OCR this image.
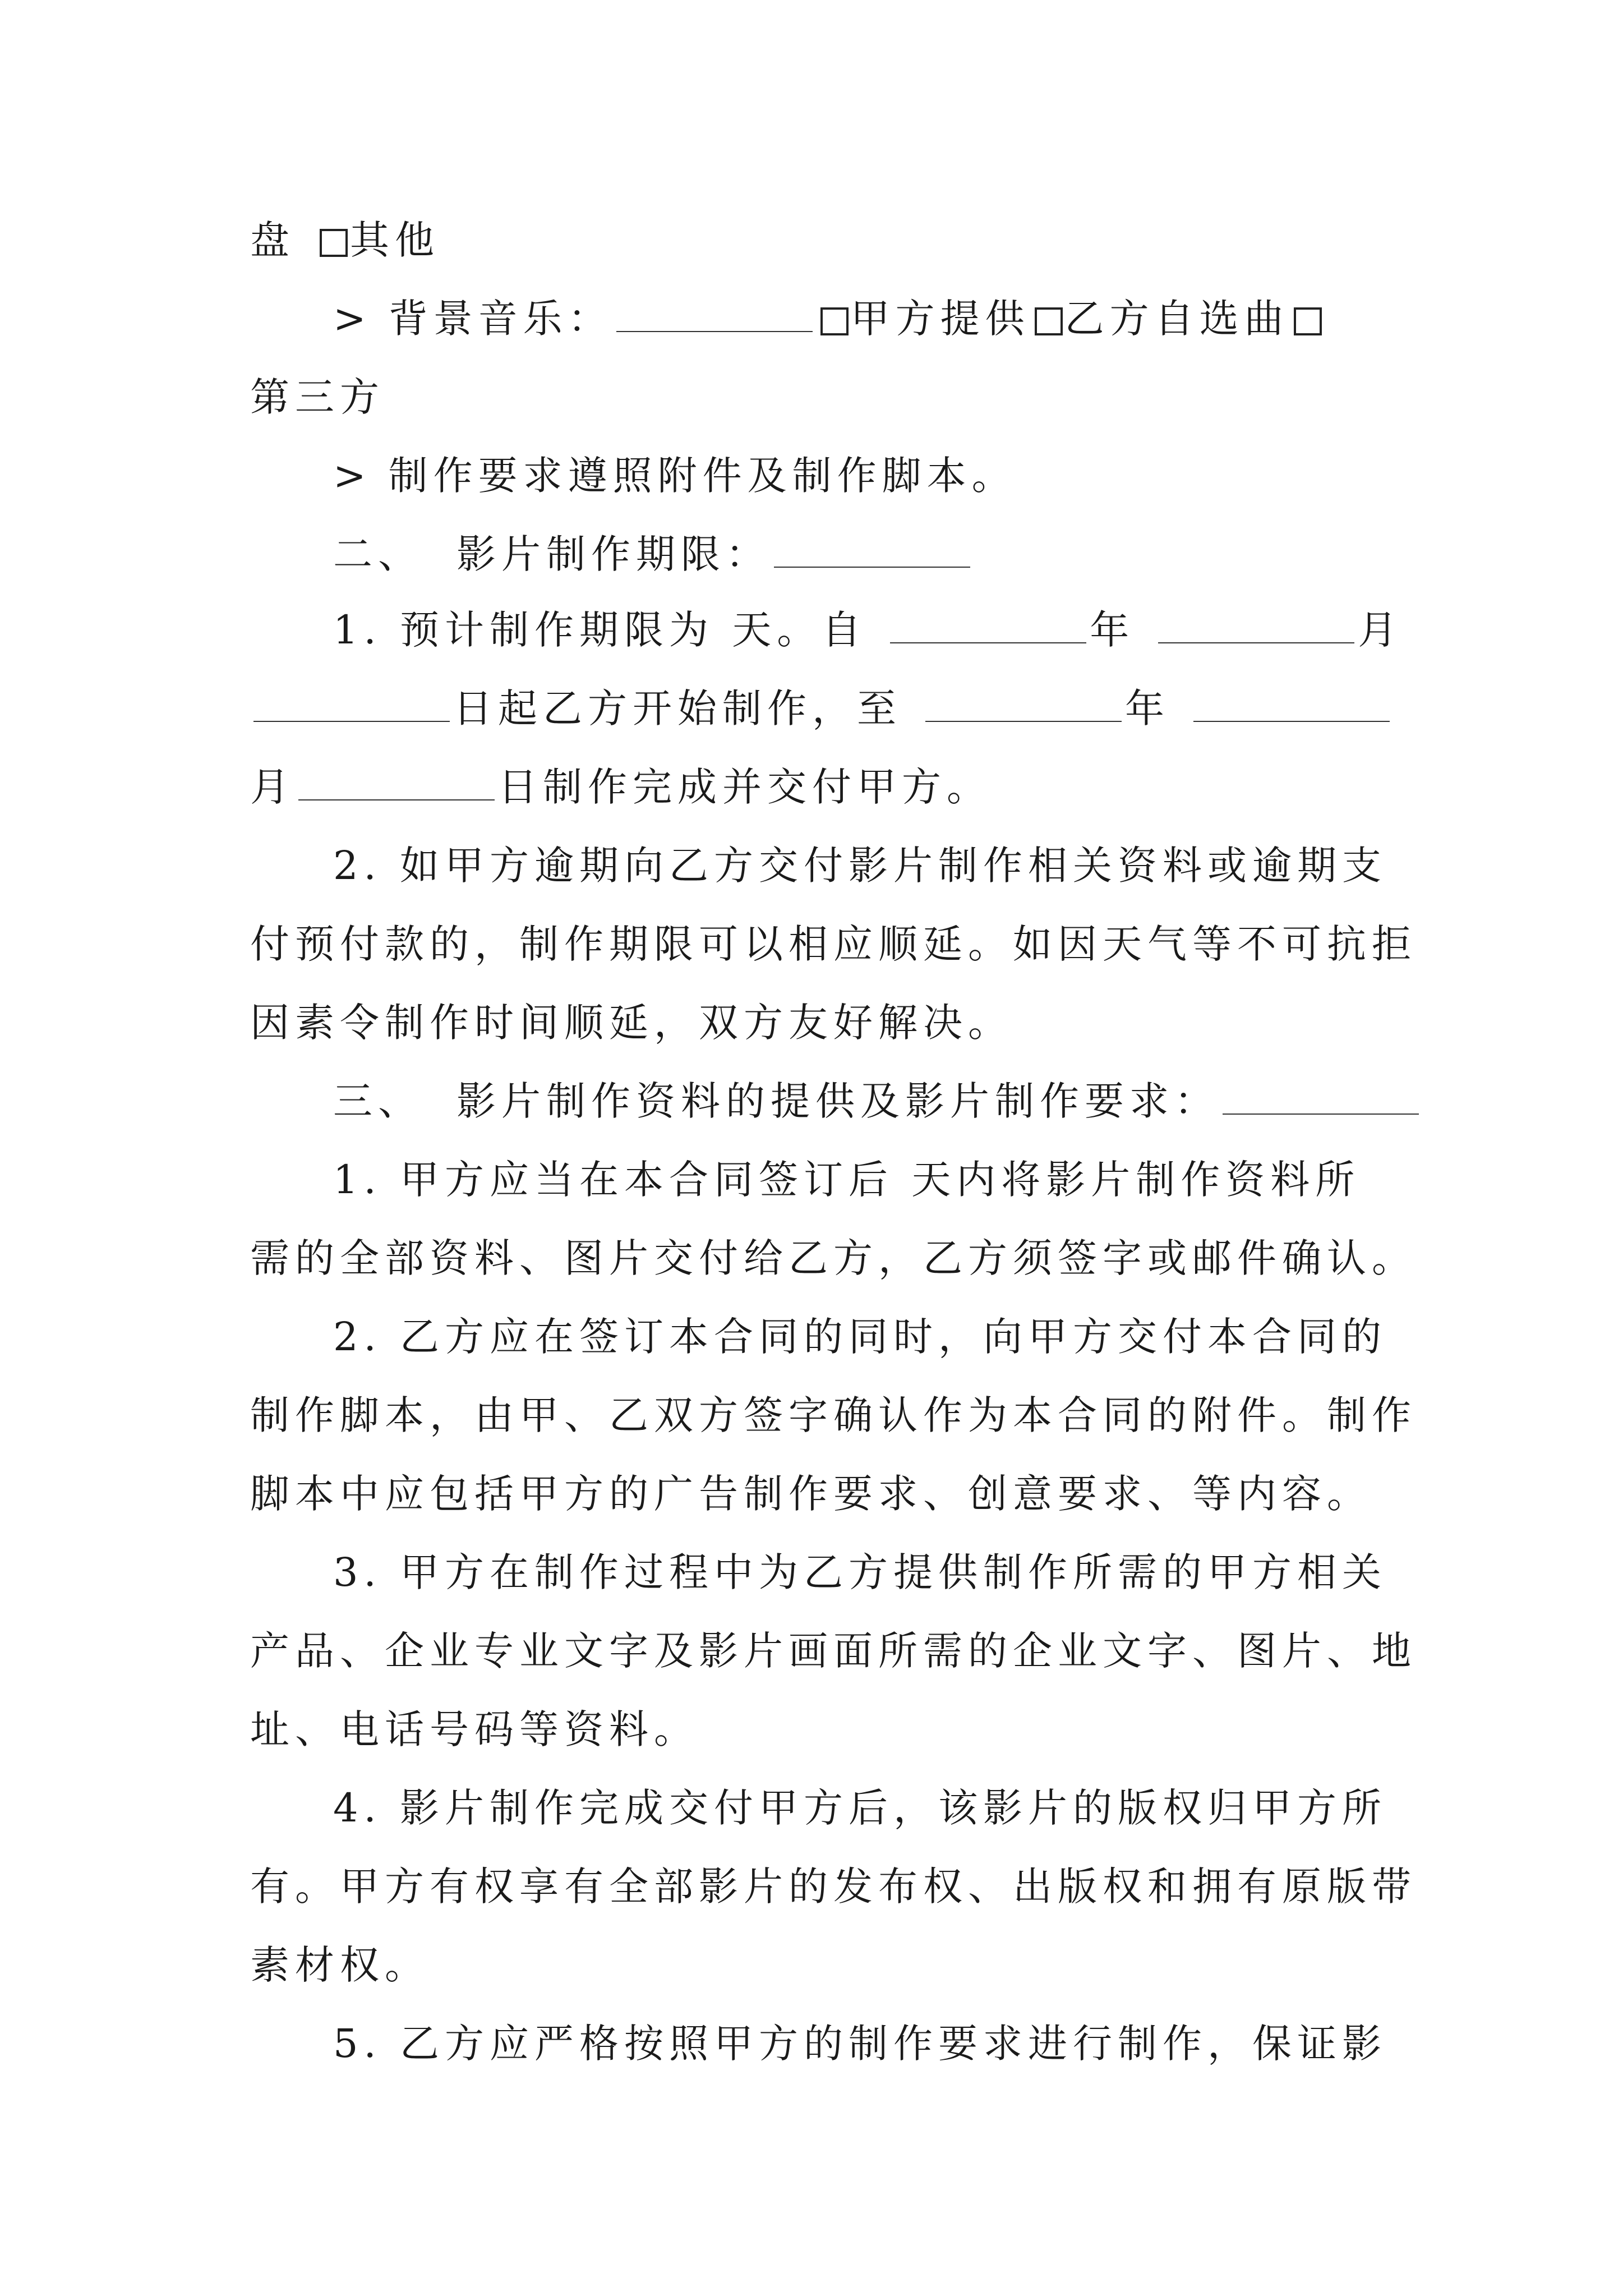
盘 其他
> 背景音乐：	甲方提供 乙方自选曲
第三方
> 制作要求遵照附件及制作脚本。
二、 影片制作期限：
1. 预计制作期限为 天。自	年	月
日起乙方开始制作，至	年
月	日制作完成并交付甲方。
2. 如甲方逾期向乙方交付影片制作相关资料或逾期支
付预付款的，制作期限可以相应顺延。如因天气等不可抗拒
因素令制作时间顺延，双方友好解决。
三、 影片制作资料的提供及影片制作要求：
1. 甲方应当在本合同签订后 天内将影片制作资料所
需的全部资料、图片交付给乙方，乙方须签字或邮件确认。
2. 乙方应在签订本合同的同时，向甲方交付本合同的
制作脚本，由甲、乙双方签字确认作为本合同的附件。制作
脚本中应包括甲方的广告制作要求、创意要求、等内容。
3. 甲方在制作过程中为乙方提供制作所需的甲方相关
产品、企业专业文字及影片画面所需的企业文字、图片、地
址、电话号码等资料。
4. 影片制作完成交付甲方后，该影片的版权归甲方所
有。甲方有权享有全部影片的发布权、出版权和拥有原版带
素材权。
5. 乙方应严格按照甲方的制作要求进行制作，保证影
